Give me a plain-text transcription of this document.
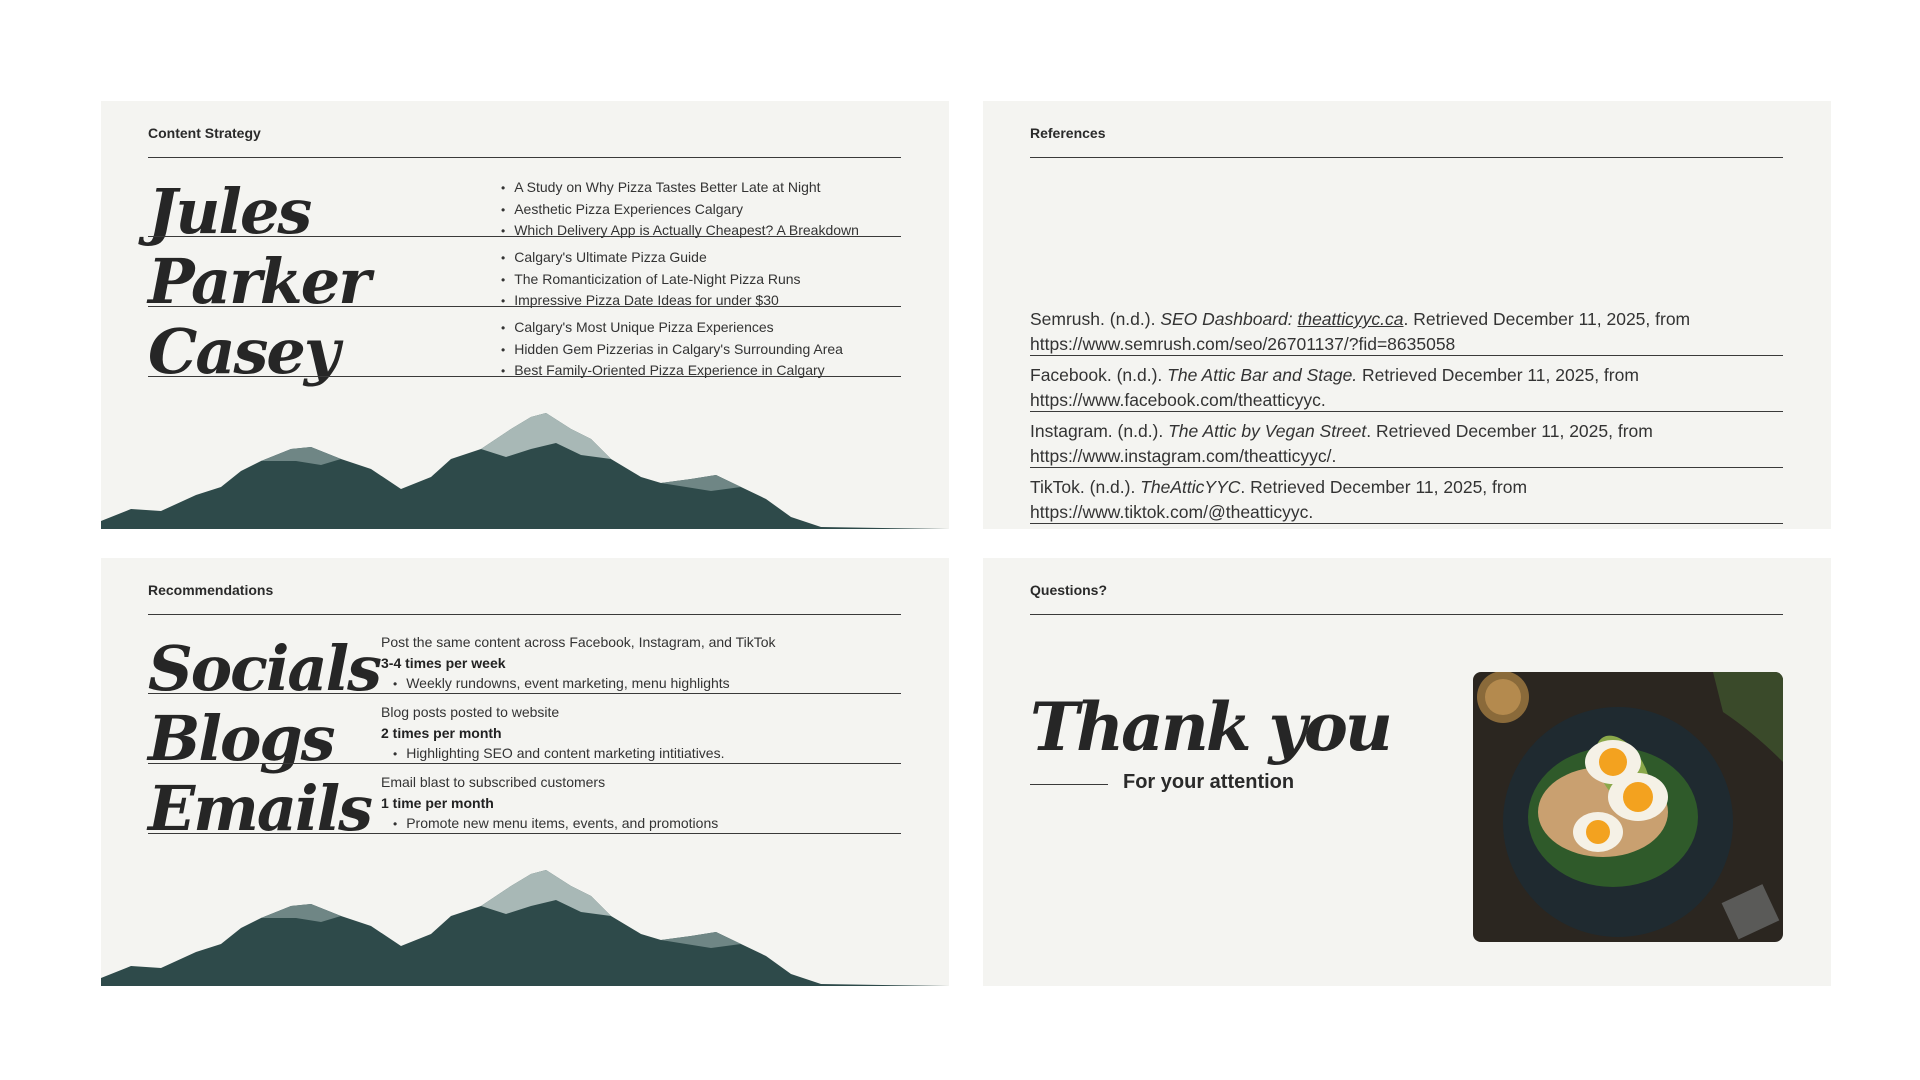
Content Strategy
Jules
Parker
Casey
• A Study on Why Pizza Tastes Better Late at Night
• Aesthetic Pizza Experiences Calgary
• Which Delivery App is Actually Cheapest? A Breakdown
• Calgary's Ultimate Pizza Guide
• The Romanticization of Late-Night Pizza Runs
• Impressive Pizza Date Ideas for under $30
• Calgary's Most Unique Pizza Experiences
• Hidden Gem Pizzerias in Calgary's Surrounding Area
• Best Family-Oriented Pizza Experience in Calgary
References
Semrush. (n.d.). SEO Dashboard: theatticyyc.ca. Retrieved December 11, 2025, from
https://www.semrush.com/seo/26701137/?fid=8635058
Facebook. (n.d.). The Attic Bar and Stage. Retrieved December 11, 2025, from
https://www.facebook.com/theatticyyc.
Instagram. (n.d.). The Attic by Vegan Street. Retrieved December 11, 2025, from
https://www.instagram.com/theatticyyc/.
TikTok. (n.d.). TheAtticYYC. Retrieved December 11, 2025, from
https://www.tiktok.com/@theatticyyc.
Recommendations
Socials Post the same content across Facebook, Instagram, and TikTok
3-4 times per week
• Weekly rundowns, event marketing, menu highlights
Blogs	Blog posts posted to website
2 times per month
• Highlighting SEO and content marketing intitiatives.
Emails Email blast to subscribed customers
1 time per month
• Promote new menu items, events, and promotions
Questions?
Thank you
For your attention
